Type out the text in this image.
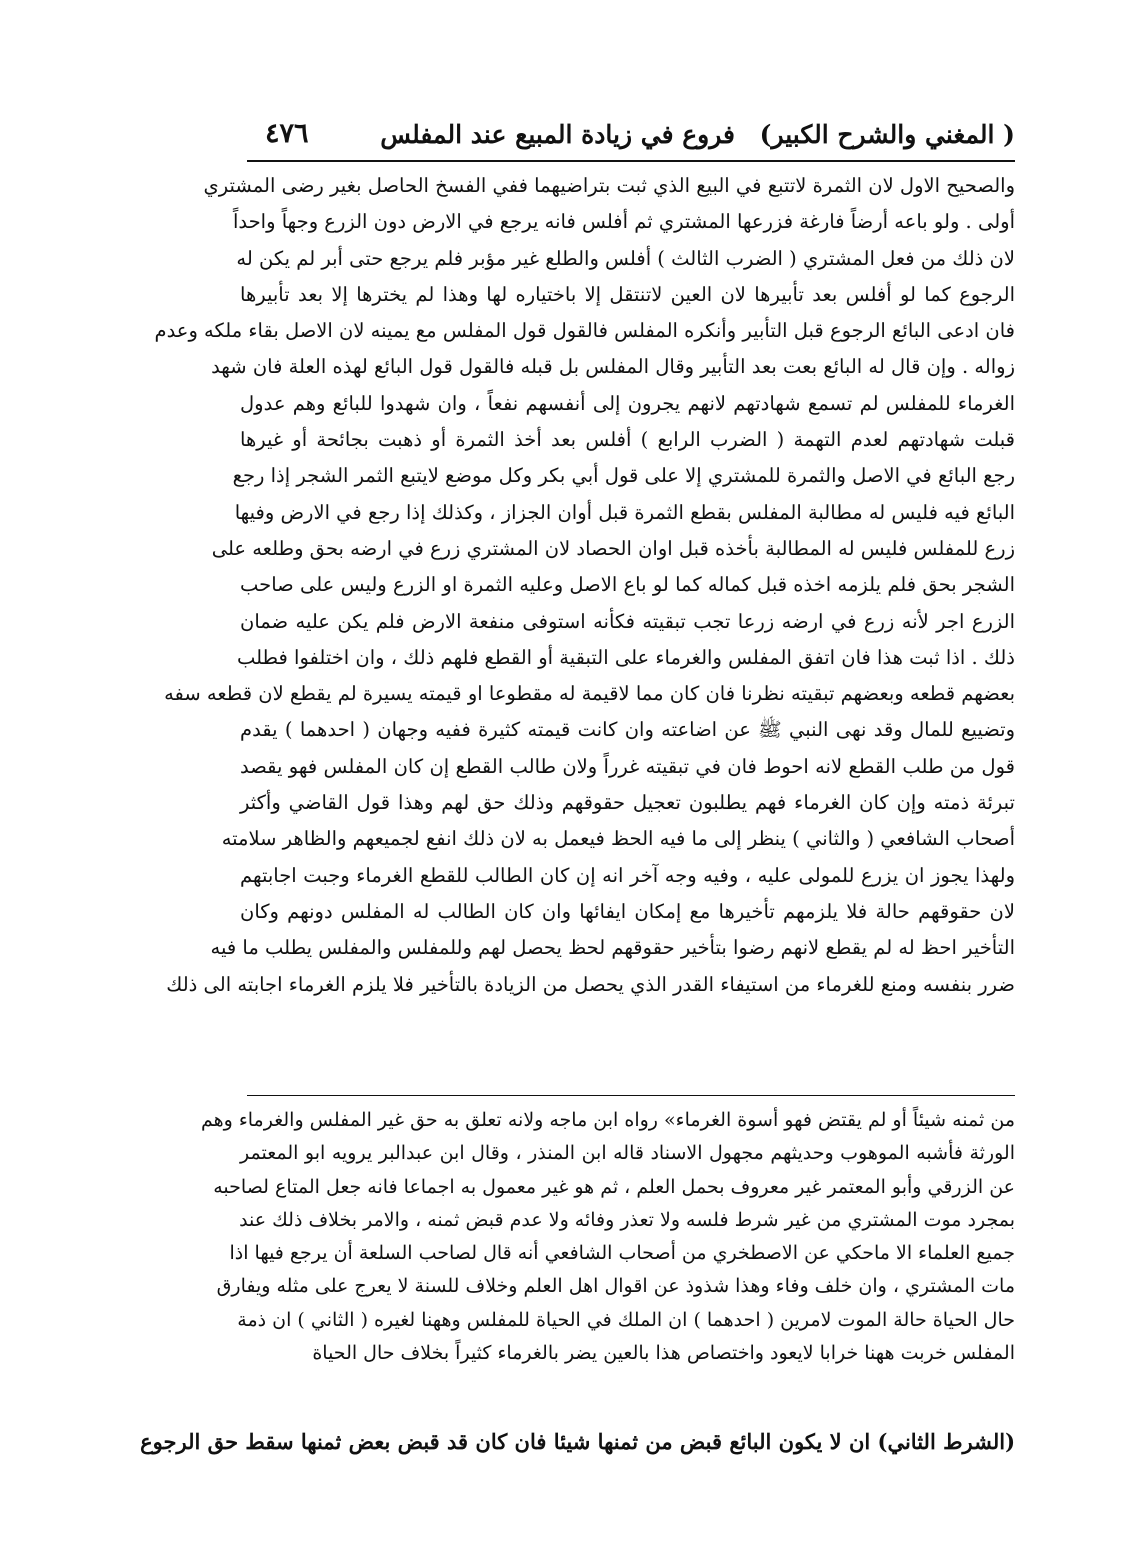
( المغني والشرح الكبير)
فروع في زيادة المبيع عند المفلس
٤٧٦
والصحيح الاول لان الثمرة لاتتبع في البيع الذي ثبت بتراضيهما ففي الفسخ الحاصل بغير رضى المشتري
أولى . ولو باعه أرضاً فارغة فزرعها المشتري ثم أفلس فانه يرجع في الارض دون الزرع وجهاً واحداً
لان ذلك من فعل المشتري ( الضرب الثالث ) أفلس والطلع غير مؤبر فلم يرجع حتى أبر لم يكن له
الرجوع كما لو أفلس بعد تأبيرها لان العين لاتنتقل إلا باختياره لها وهذا لم يخترها إلا بعد تأبيرها
فان ادعى البائع الرجوع قبل التأبير وأنكره المفلس فالقول قول المفلس مع يمينه لان الاصل بقاء ملكه وعدم
زواله . وإن قال له البائع بعت بعد التأبير وقال المفلس بل قبله فالقول قول البائع لهذه العلة فان شهد
الغرماء للمفلس لم تسمع شهادتهم لانهم يجرون إلى أنفسهم نفعاً ، وان شهدوا للبائع وهم عدول
قبلت شهادتهم لعدم التهمة ( الضرب الرابع ) أفلس بعد أخذ الثمرة أو ذهبت بجائحة أو غيرها
رجع البائع في الاصل والثمرة للمشتري إلا على قول أبي بكر وكل موضع لايتبع الثمر الشجر إذا رجع
البائع فيه فليس له مطالبة المفلس بقطع الثمرة قبل أوان الجزاز ، وكذلك إذا رجع في الارض وفيها
زرع للمفلس فليس له المطالبة بأخذه قبل اوان الحصاد لان المشتري زرع في ارضه بحق وطلعه على
الشجر بحق فلم يلزمه اخذه قبل كماله كما لو باع الاصل وعليه الثمرة او الزرع وليس على صاحب
الزرع اجر لأنه زرع في ارضه زرعا تجب تبقيته فكأنه استوفى منفعة الارض فلم يكن عليه ضمان
ذلك . اذا ثبت هذا فان اتفق المفلس والغرماء على التبقية أو القطع فلهم ذلك ، وان اختلفوا فطلب
بعضهم قطعه وبعضهم تبقيته نظرنا فان كان مما لاقيمة له مقطوعا او قيمته يسيرة لم يقطع لان قطعه سفه
وتضييع للمال وقد نهى النبي ﷺ عن اضاعته وان كانت قيمته كثيرة ففيه وجهان ( احدهما ) يقدم
قول من طلب القطع لانه احوط فان في تبقيته غرراً ولان طالب القطع إن كان المفلس فهو يقصد
تبرئة ذمته وإن كان الغرماء فهم يطلبون تعجيل حقوقهم وذلك حق لهم وهذا قول القاضي وأكثر
أصحاب الشافعي ( والثاني ) ينظر إلى ما فيه الحظ فيعمل به لان ذلك انفع لجميعهم والظاهر سلامته
ولهذا يجوز ان يزرع للمولى عليه ، وفيه وجه آخر انه إن كان الطالب للقطع الغرماء وجبت اجابتهم
لان حقوقهم حالة فلا يلزمهم تأخيرها مع إمكان ايفائها وان كان الطالب له المفلس دونهم وكان
التأخير احظ له لم يقطع لانهم رضوا بتأخير حقوقهم لحظ يحصل لهم وللمفلس والمفلس يطلب ما فيه
ضرر بنفسه ومنع للغرماء من استيفاء القدر الذي يحصل من الزيادة بالتأخير فلا يلزم الغرماء اجابته الى ذلك
من ثمنه شيئاً أو لم يقتض فهو أسوة الغرماء» رواه ابن ماجه ولانه تعلق به حق غير المفلس والغرماء وهم
الورثة فأشبه الموهوب وحديثهم مجهول الاسناد قاله ابن المنذر ، وقال ابن عبدالبر يرويه ابو المعتمر
عن الزرقي وأبو المعتمر غير معروف بحمل العلم ، ثم هو غير معمول به اجماعا فانه جعل المتاع لصاحبه
بمجرد موت المشتري من غير شرط فلسه ولا تعذر وفائه ولا عدم قبض ثمنه ، والامر بخلاف ذلك عند
جميع العلماء الا ماحكي عن الاصطخري من أصحاب الشافعي أنه قال لصاحب السلعة أن يرجع فيها اذا
مات المشتري ، وان خلف وفاء وهذا شذوذ عن اقوال اهل العلم وخلاف للسنة لا يعرج على مثله ويفارق
حال الحياة حالة الموت لامرين ( احدهما ) ان الملك في الحياة للمفلس وههنا لغيره ( الثاني ) ان ذمة
المفلس خربت ههنا خرابا لايعود واختصاص هذا بالعين يضر بالغرماء كثيراً بخلاف حال الحياة
(الشرط الثاني) ان لا يكون البائع قبض من ثمنها شيئا فان كان قد قبض بعض ثمنها سقط حق الرجوع
